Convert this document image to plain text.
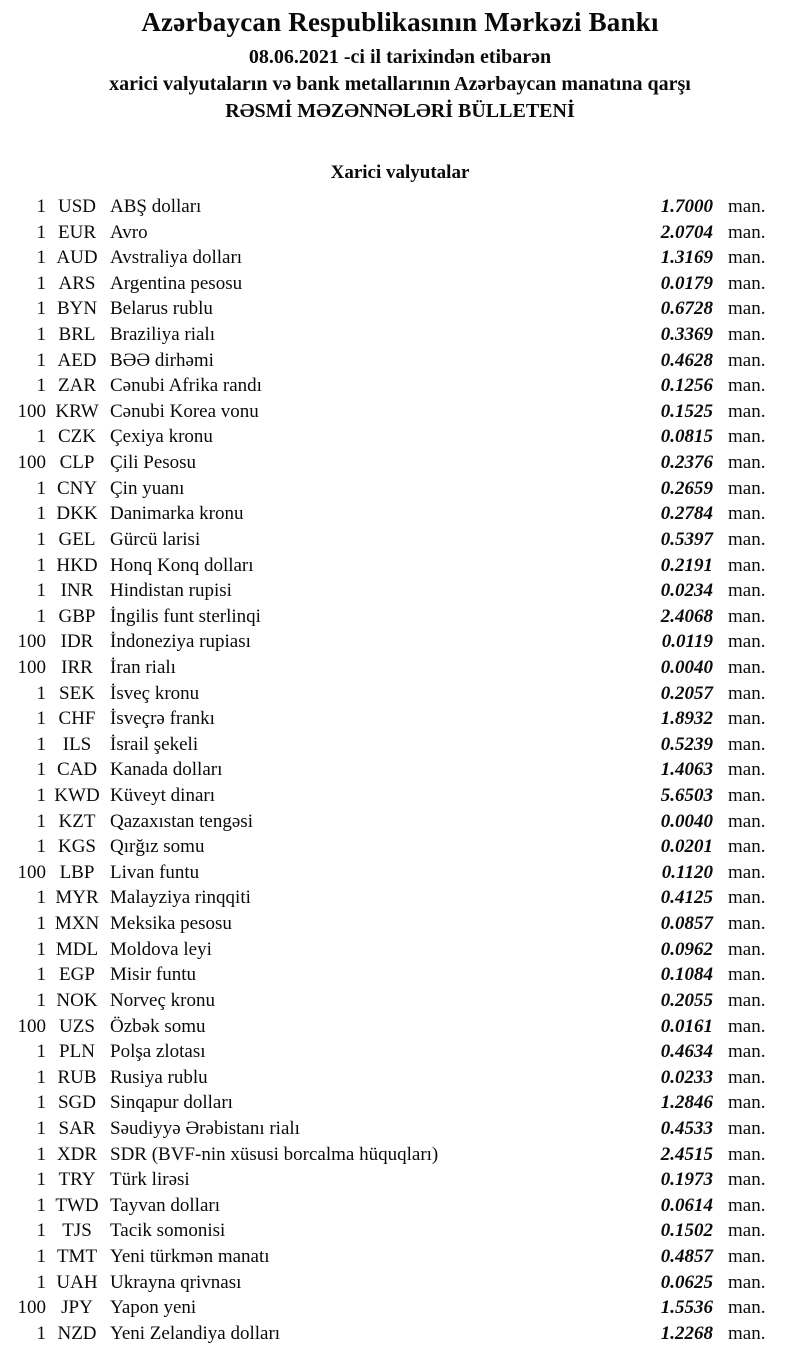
Azərbaycan Respublikasının Mərkəzi Bankı
08.06.2021 -ci il tarixindən etibarən
xarici valyutaların və bank metallarının Azərbaycan manatına qarşı
RƏSMİ MƏZƏNNƏLƏRİ BÜLLETENİ
Xarici valyutalar
1 USD ABŞ dolları	1.7000 man.
1 EUR Avro	2.0704 man.
1 AUD Avstraliya dolları	1.3169 man.
1 ARS Argentina pesosu	0.0179 man.
1 BYN Belarus rublu	0.6728 man.
1 BRL Braziliya rialı	0.3369 man.
1 AED BƏƏ dirhəmi	0.4628 man.
1 ZAR Cənubi Afrika randı	0.1256 man.
100 KRW Cənubi Korea vonu	0.1525 man.
1 CZK Çexiya kronu	0.0815 man.
100 CLP Çili Pesosu	0.2376 man.
1 CNY Çin yuanı	0.2659 man.
1 DKK Danimarka kronu	0.2784 man.
1 GEL Gürcü larisi	0.5397 man.
1 HKD Honq Konq dolları	0.2191 man.
1 INR Hindistan rupisi	0.0234 man.
1 GBP İngilis funt sterlinqi	2.4068 man.
100 IDR İndoneziya rupiası	0.0119 man.
100 IRR İran rialı	0.0040 man.
1 SEK İsveç kronu	0.2057 man.
1 CHF İsveçrə frankı	1.8932 man.
1 ILS İsrail şekeli	0.5239 man.
1 CAD Kanada dolları	1.4063 man.
1 KWD Küveyt dinarı	5.6503 man.
1 KZT Qazaxıstan tengəsi	0.0040 man.
1 KGS Qırğız somu	0.0201 man.
100 LBP Livan funtu	0.1120 man.
1 MYR Malayziya rinqqiti	0.4125 man.
1 MXN Meksika pesosu	0.0857 man.
1 MDL Moldova leyi	0.0962 man.
1 EGP Misir funtu	0.1084 man.
1 NOK Norveç kronu	0.2055 man.
100 UZS Özbək somu	0.0161 man.
1 PLN Polşa zlotası	0.4634 man.
1 RUB Rusiya rublu	0.0233 man.
1 SGD Sinqapur dolları	1.2846 man.
1 SAR Səudiyyə Ərəbistanı rialı	0.4533 man.
1 XDR SDR (BVF-nin xüsusi borcalma hüquqları)	2.4515 man.
1 TRY Türk lirəsi	0.1973 man.
1 TWD Tayvan dolları	0.0614 man.
1 TJS Tacik somonisi	0.1502 man.
1 TMT Yeni türkmən manatı	0.4857 man.
1 UAH Ukrayna qrivnası	0.0625 man.
100 JPY Yapon yeni	1.5536 man.
1 NZD Yeni Zelandiya dolları	1.2268 man.
